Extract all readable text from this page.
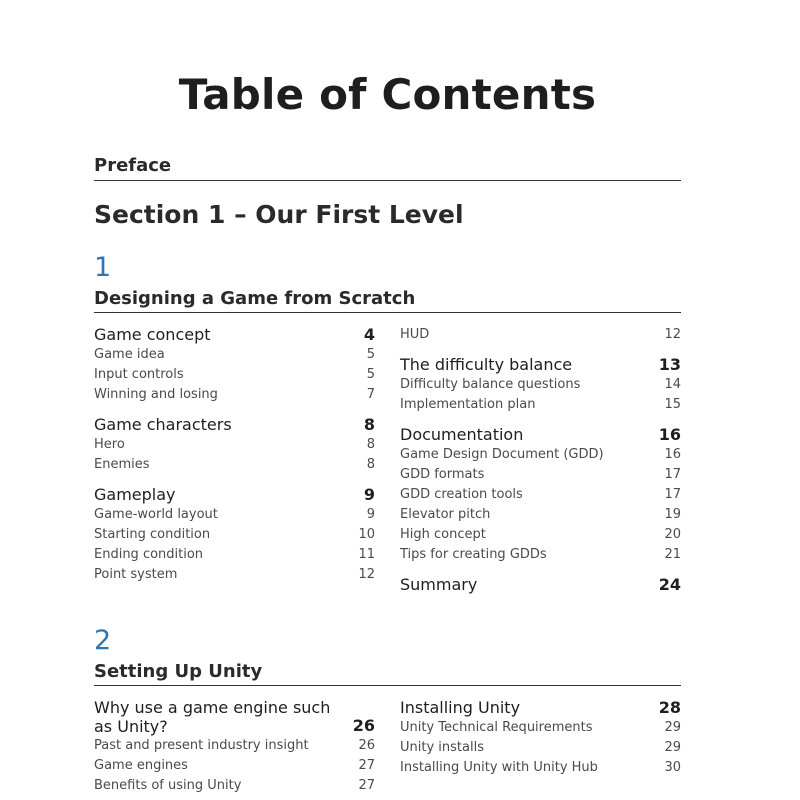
Table of Contents
Preface
Section 1 – Our First Level
1
Designing a Game from Scratch
Game concept	4
Game idea	5
Input controls	5
Winning and losing	7
Game characters	8
Hero	8
Enemies	8
Gameplay	9
Game-world layout	9
Starting condition	10
Ending condition	11
Point system	12
HUD	12
The difficulty balance	13
Difficulty balance questions	14
Implementation plan	15
Documentation	16
Game Design Document (GDD)	16
GDD formats	17
GDD creation tools	17
Elevator pitch	19
High concept	20
Tips for creating GDDs	21
Summary	24
2
Setting Up Unity
Why use a game engine such as Unity?	26
Past and present industry insight	26
Game engines	27
Benefits of using Unity	27
Installing Unity	28
Unity Technical Requirements	29
Unity installs	29
Installing Unity with Unity Hub	30
